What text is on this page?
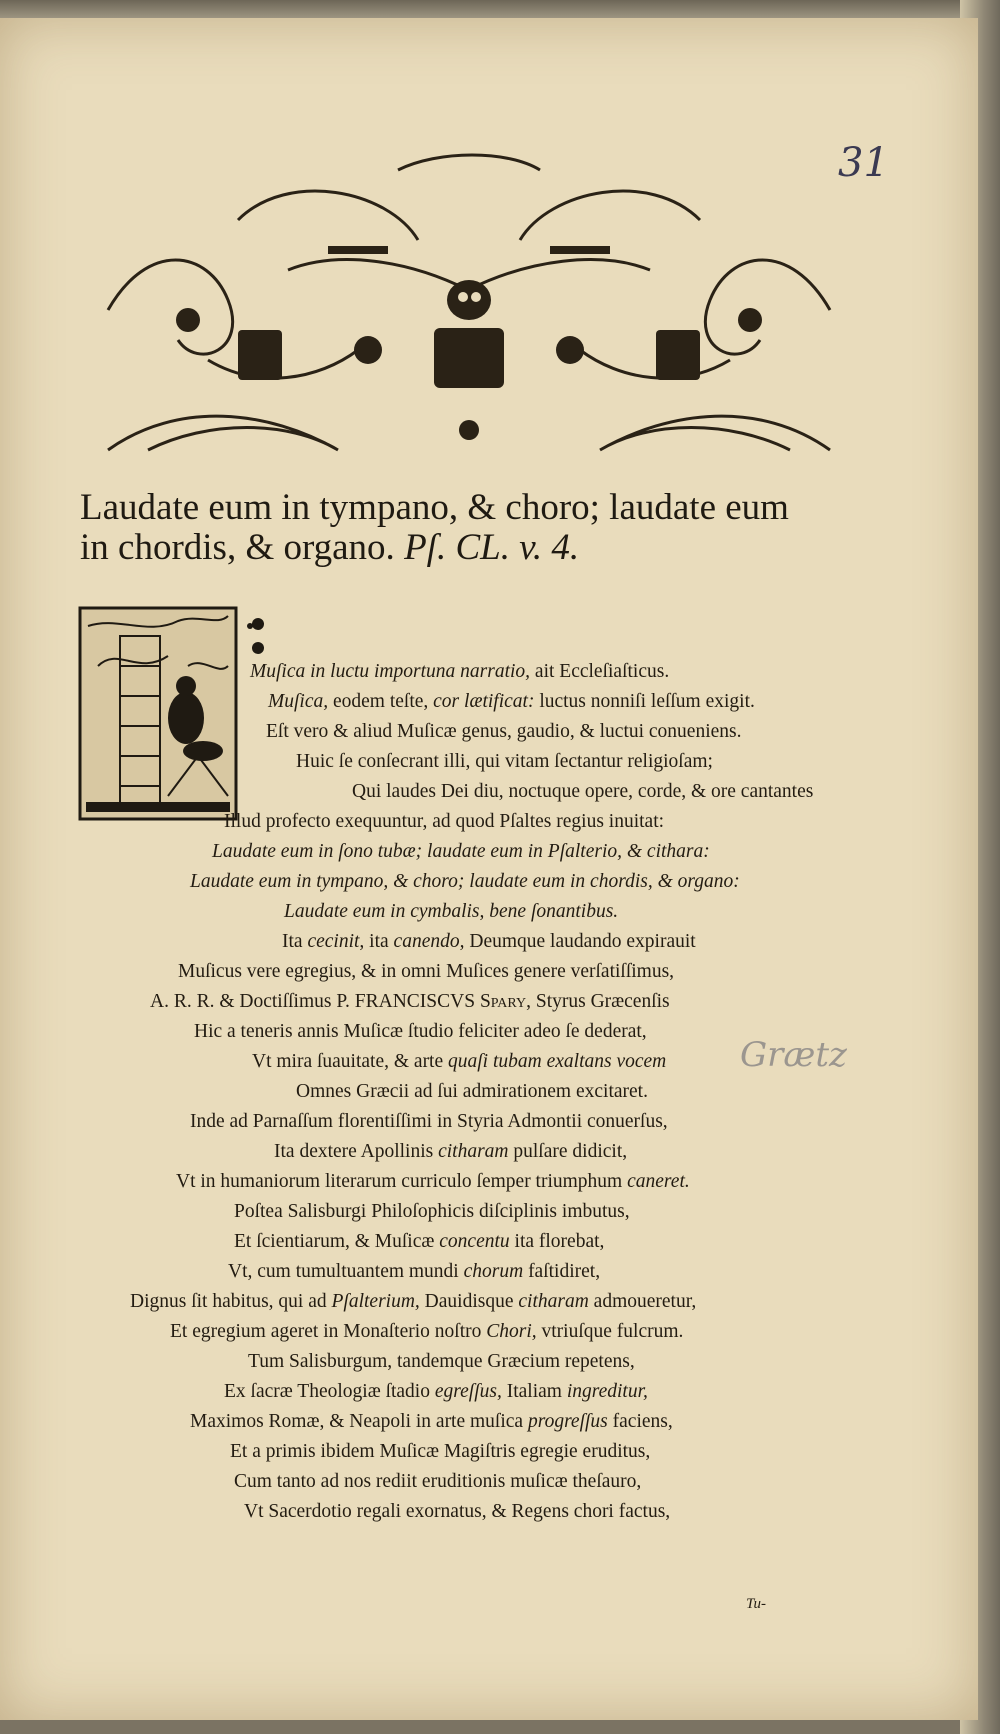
31
Laudate eum in tympano, & choro; laudate eum
in chordis, & organo. Pſ. CL. v. 4.
Muſica in luctu importuna narratio, ait Eccleſiaſticus.
Muſica, eodem teſte, cor lætificat: luctus nonniſi leſſum exigit.
Eſt vero & aliud Muſicæ genus, gaudio, & luctui conueniens.
Huic ſe conſecrant illi, qui vitam ſectantur religioſam;
Qui laudes Dei diu, noctuque opere, corde, & ore cantantes
Illud profecto exequuntur, ad quod Pſaltes regius inuitat:
Laudate eum in ſono tubæ; laudate eum in Pſalterio, & cithara:
Laudate eum in tympano, & choro; laudate eum in chordis, & organo:
Laudate eum in cymbalis, bene ſonantibus.
Ita cecinit, ita canendo, Deumque laudando expirauit
Muſicus vere egregius, & in omni Muſices genere verſatiſſimus,
A. R. R. & Doctiſſimus P. FRANCISCVS Spary, Styrus Græcenſis
Hic a teneris annis Muſicæ ſtudio feliciter adeo ſe dederat,
Vt mira ſuauitate, & arte quaſi tubam exaltans vocem
Omnes Græcii ad ſui admirationem excitaret.
Inde ad Parnaſſum florentiſſimi in Styria Admontii conuerſus,
Ita dextere Apollinis citharam pulſare didicit,
Vt in humaniorum literarum curriculo ſemper triumphum caneret.
Poſtea Salisburgi Philoſophicis diſciplinis imbutus,
Et ſcientiarum, & Muſicæ concentu ita florebat,
Vt, cum tumultuantem mundi chorum faſtidiret,
Dignus ſit habitus, qui ad Pſalterium, Dauidisque citharam admoueretur,
Et egregium ageret in Monaſterio noſtro Chori, vtriuſque fulcrum.
Tum Salisburgum, tandemque Græcium repetens,
Ex ſacræ Theologiæ ſtadio egreſſus, Italiam ingreditur,
Maximos Romæ, & Neapoli in arte muſica progreſſus faciens,
Et a primis ibidem Muſicæ Magiſtris egregie eruditus,
Cum tanto ad nos rediit eruditionis muſicæ theſauro,
Vt Sacerdotio regali exornatus, & Regens chori factus,
Grætz
Tu-
